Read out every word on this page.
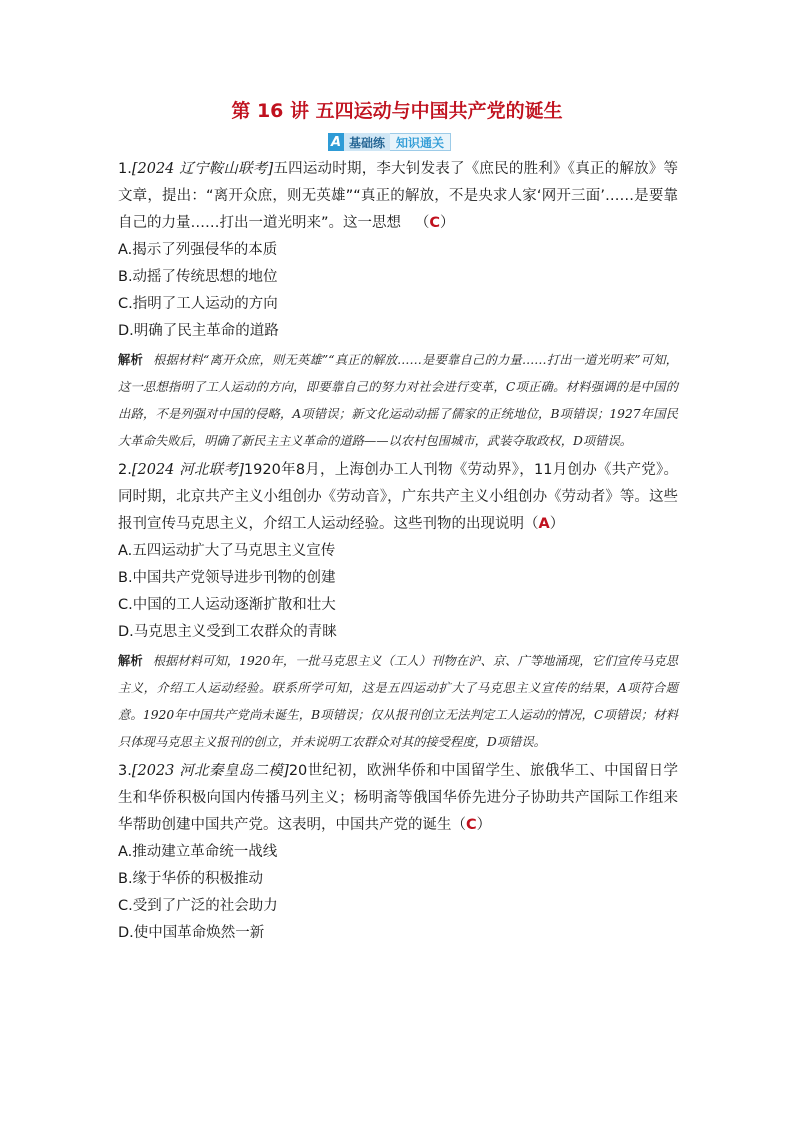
第 16 讲 五四运动与中国共产党的诞生
A 基础练 知识通关

1.[2024 辽宁鞍山联考]五四运动时期，李大钊发表了《庶民的胜利》《真正的解放》等文章，提出：“离开众庶，则无英雄”“真正的解放，不是央求人家‘网开三面’……是要靠自己的力量……打出一道光明来”。这一思想   （C）

A.揭示了列强侵华的本质

B.动摇了传统思想的地位

C.指明了工人运动的方向

D.明确了民主革命的道路

解析 根据材料“离开众庶，则无英雄”“真正的解放……是要靠自己的力量……打出一道光明来”可知，这一思想指明了工人运动的方向，即要靠自己的努力对社会进行变革，C项正确。材料强调的是中国的出路，不是列强对中国的侵略，A项错误；新文化运动动摇了儒家的正统地位，B项错误；1927年国民大革命失败后，明确了新民主主义革命的道路——以农村包围城市，武装夺取政权，D项错误。

2.[2024 河北联考]1920年8月，上海创办工人刊物《劳动界》，11月创办《共产党》。同时期，北京共产主义小组创办《劳动音》，广东共产主义小组创办《劳动者》等。这些报刊宣传马克思主义，介绍工人运动经验。这些刊物的出现说明（A）

A.五四运动扩大了马克思主义宣传

B.中国共产党领导进步刊物的创建

C.中国的工人运动逐渐扩散和壮大

D.马克思主义受到工农群众的青睐

解析 根据材料可知，1920年，一批马克思主义（工人）刊物在沪、京、广等地涌现，它们宣传马克思主义，介绍工人运动经验。联系所学可知，这是五四运动扩大了马克思主义宣传的结果，A项符合题意。1920年中国共产党尚未诞生，B项错误；仅从报刊创立无法判定工人运动的情况，C项错误；材料只体现马克思主义报刊的创立，并未说明工农群众对其的接受程度，D项错误。

3.[2023 河北秦皇岛二模]20世纪初，欧洲华侨和中国留学生、旅俄华工、中国留日学生和华侨积极向国内传播马列主义；杨明斋等俄国华侨先进分子协助共产国际工作组来华帮助创建中国共产党。这表明，中国共产党的诞生（C）

A.推动建立革命统一战线

B.缘于华侨的积极推动

C.受到了广泛的社会助力

D.使中国革命焕然一新
